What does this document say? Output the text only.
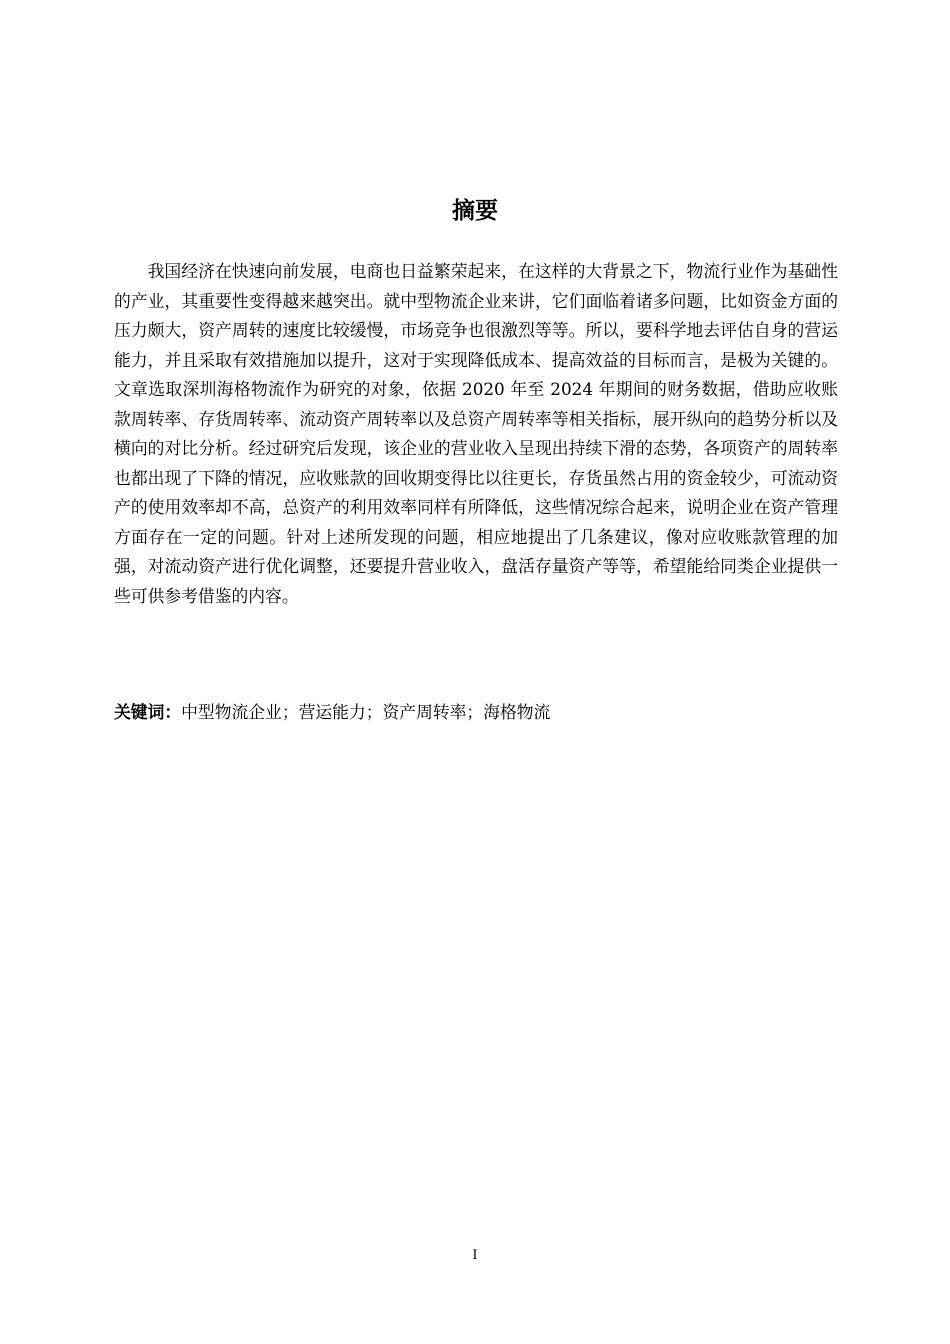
摘要

我国经济在快速向前发展，电商也日益繁荣起来，在这样的大背景之下，物流行业作为基础性的产业，其重要性变得越来越突出。就中型物流企业来讲，它们面临着诸多问题，比如资金方面的压力颇大，资产周转的速度比较缓慢，市场竞争也很激烈等等。所以，要科学地去评估自身的营运能力，并且采取有效措施加以提升，这对于实现降低成本、提高效益的目标而言，是极为关键的。文章选取深圳海格物流作为研究的对象，依据 2020 年至 2024 年期间的财务数据，借助应收账款周转率、存货周转率、流动资产周转率以及总资产周转率等相关指标，展开纵向的趋势分析以及横向的对比分析。经过研究后发现，该企业的营业收入呈现出持续下滑的态势，各项资产的周转率也都出现了下降的情况，应收账款的回收期变得比以往更长，存货虽然占用的资金较少，可流动资产的使用效率却不高，总资产的利用效率同样有所降低，这些情况综合起来，说明企业在资产管理方面存在一定的问题。针对上述所发现的问题，相应地提出了几条建议，像对应收账款管理的加强，对流动资产进行优化调整，还要提升营业收入，盘活存量资产等等，希望能给同类企业提供一些可供参考借鉴的内容。

关键词：中型物流企业；营运能力；资产周转率；海格物流

I
